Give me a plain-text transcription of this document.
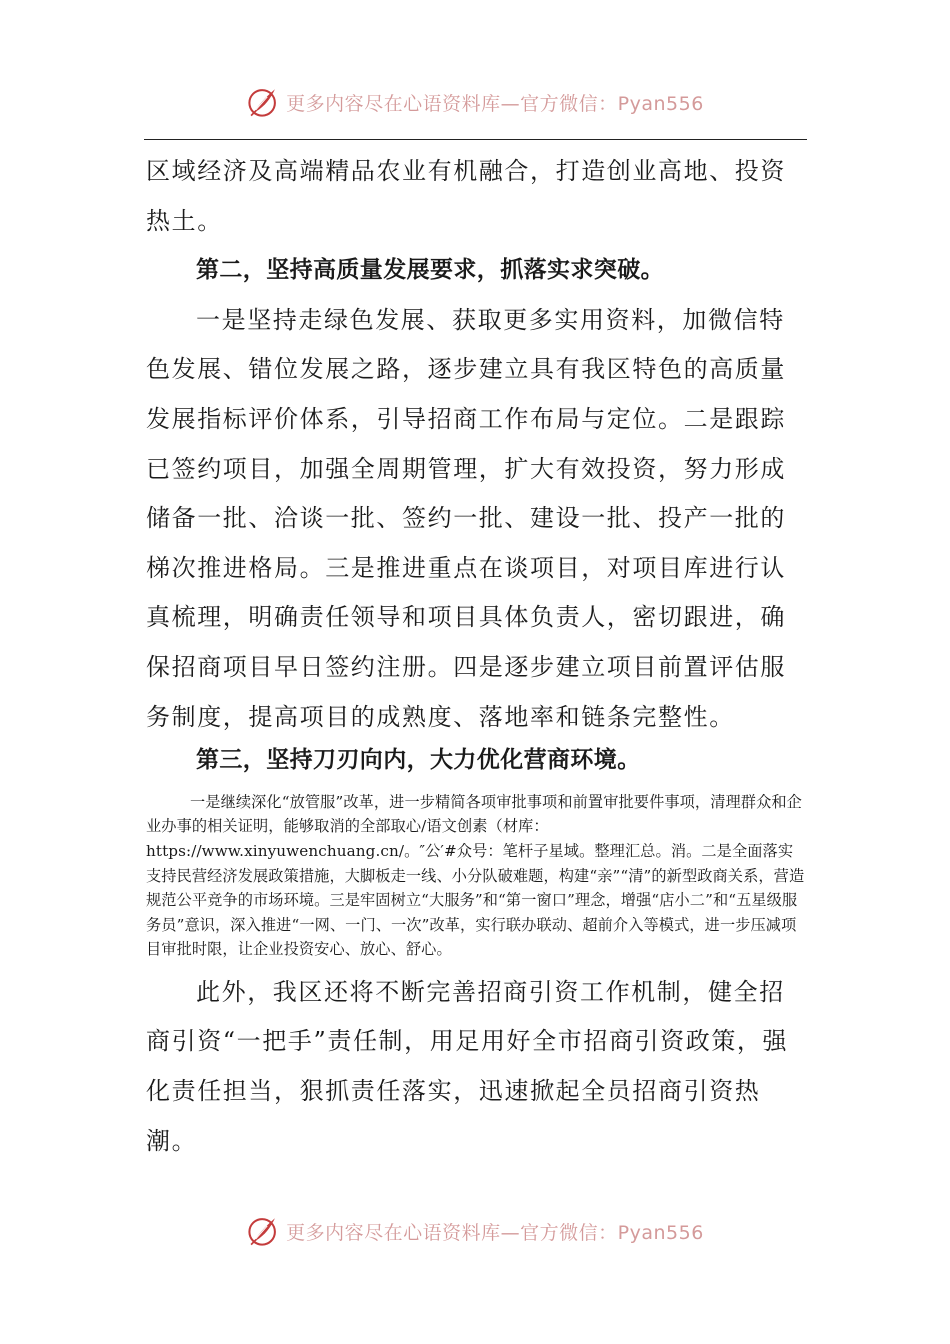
更多内容尽在心语资料库—官方微信：Pyan556

区域经济及高端精品农业有机融合，打造创业高地、投资热土。

第二，坚持高质量发展要求，抓落实求突破。

一是坚持走绿色发展、获取更多实用资料，加微信特色发展、错位发展之路，逐步建立具有我区特色的高质量发展指标评价体系，引导招商工作布局与定位。二是跟踪已签约项目，加强全周期管理，扩大有效投资，努力形成储备一批、洽谈一批、签约一批、建设一批、投产一批的梯次推进格局。三是推进重点在谈项目，对项目库进行认真梳理，明确责任领导和项目具体负责人，密切跟进，确保招商项目早日签约注册。四是逐步建立项目前置评估服务制度，提高项目的成熟度、落地率和链条完整性。

第三，坚持刀刃向内，大力优化营商环境。

一是继续深化“放管服”改革，进一步精简各项审批事项和前置审批要件事项，清理群众和企业办事的相关证明，能够取消的全部取心/语文创素（材库：https://www.xinyuwenchuang.cn/。″公′#众号：笔杆子星域。整理汇总。消。二是全面落实支持民营经济发展政策措施，大脚板走一线、小分队破难题，构建“亲”“清”的新型政商关系，营造规范公平竞争的市场环境。三是牢固树立“大服务”和“第一窗口”理念，增强“店小二”和“五星级服务员”意识，深入推进“一网、一门、一次”改革，实行联办联动、超前介入等模式，进一步压减项目审批时限，让企业投资安心、放心、舒心。

此外，我区还将不断完善招商引资工作机制，健全招商引资“一把手”责任制，用足用好全市招商引资政策，强化责任担当，狠抓责任落实，迅速掀起全员招商引资热潮。

更多内容尽在心语资料库—官方微信：Pyan556
